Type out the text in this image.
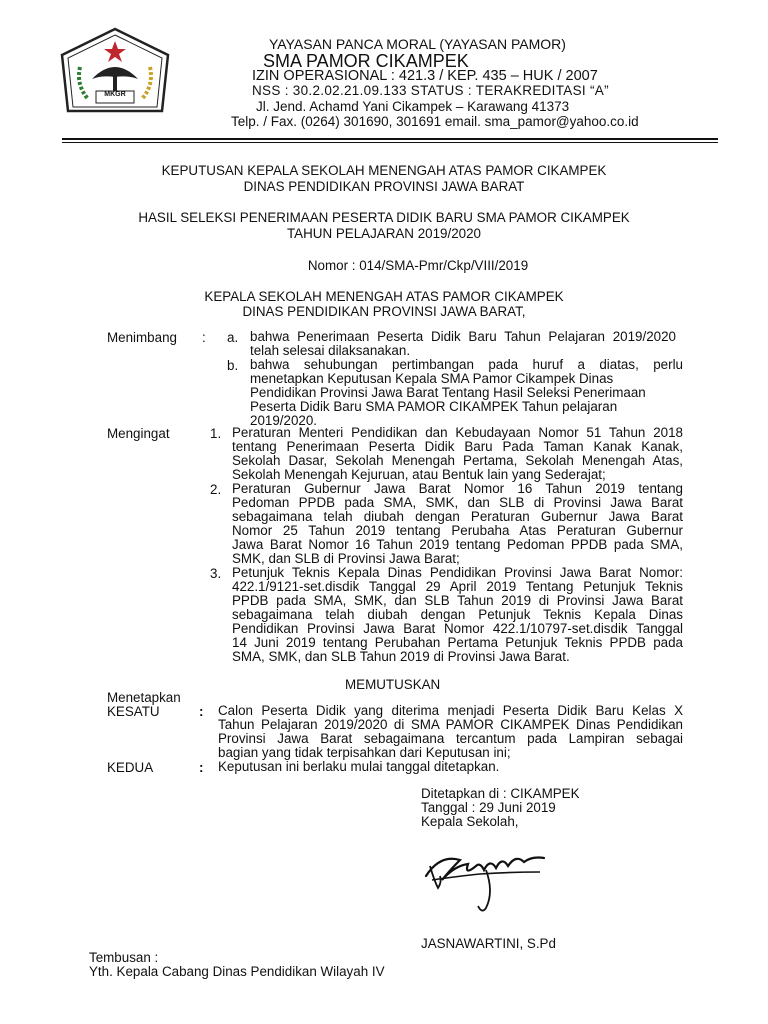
MKGR
YAYASAN PANCA MORAL (YAYASAN PAMOR)
SMA PAMOR CIKAMPEK
IZIN OPERASIONAL : 421.3 / KEP. 435 – HUK / 2007
NSS : 30.2.02.21.09.133 STATUS : TERAKREDITASI “A”
Jl. Jend. Achamd Yani Cikampek – Karawang 41373
Telp. / Fax. (0264) 301690, 301691 email. sma_pamor@yahoo.co.id
KEPUTUSAN KEPALA SEKOLAH MENENGAH ATAS PAMOR CIKAMPEK
DINAS PENDIDIKAN PROVINSI JAWA BARAT
HASIL SELEKSI PENERIMAAN PESERTA DIDIK BARU SMA PAMOR CIKAMPEK
TAHUN PELAJARAN 2019/2020
Nomor : 014/SMA-Pmr/Ckp/VIII/2019
KEPALA SEKOLAH MENENGAH ATAS PAMOR CIKAMPEK
DINAS PENDIDIKAN PROVINSI JAWA BARAT,
Menimbang : a. bahwa Penerimaan Peserta Didik Baru Tahun Pelajaran 2019/2020
telah selesai dilaksanakan.
b. bahwa sehubungan pertimbangan pada huruf a diatas, perlu
menetapkan Keputusan Kepala SMA Pamor Cikampek Dinas
Pendidikan Provinsi Jawa Barat Tentang Hasil Seleksi Penerimaan
Peserta Didik Baru SMA PAMOR CIKAMPEK Tahun pelajaran
2019/2020.
Mengingat	1. Peraturan Menteri Pendidikan dan Kebudayaan Nomor 51 Tahun 2018
tentang Penerimaan Peserta Didik Baru Pada Taman Kanak Kanak,
Sekolah Dasar, Sekolah Menengah Pertama, Sekolah Menengah Atas,
Sekolah Menengah Kejuruan, atau Bentuk lain yang Sederajat;
2. Peraturan Gubernur Jawa Barat Nomor 16 Tahun 2019 tentang
Pedoman PPDB pada SMA, SMK, dan SLB di Provinsi Jawa Barat
sebagaimana telah diubah dengan Peraturan Gubernur Jawa Barat
Nomor 25 Tahun 2019 tentang Perubaha Atas Peraturan Gubernur
Jawa Barat Nomor 16 Tahun 2019 tentang Pedoman PPDB pada SMA,
SMK, dan SLB di Provinsi Jawa Barat;
3. Petunjuk Teknis Kepala Dinas Pendidikan Provinsi Jawa Barat Nomor:
422.1/9121-set.disdik Tanggal 29 April 2019 Tentang Petunjuk Teknis
PPDB pada SMA, SMK, dan SLB Tahun 2019 di Provinsi Jawa Barat
sebagaimana telah diubah dengan Petunjuk Teknis Kepala Dinas
Pendidikan Provinsi Jawa Barat Nomor 422.1/10797-set.disdik Tanggal
14 Juni 2019 tentang Perubahan Pertama Petunjuk Teknis PPDB pada
SMA, SMK, dan SLB Tahun 2019 di Provinsi Jawa Barat.
MEMUTUSKAN
Menetapkan
KESATU	: Calon Peserta Didik yang diterima menjadi Peserta Didik Baru Kelas X
Tahun Pelajaran 2019/2020 di SMA PAMOR CIKAMPEK Dinas Pendidikan
Provinsi Jawa Barat sebagaimana tercantum pada Lampiran sebagai
bagian yang tidak terpisahkan dari Keputusan ini;
KEDUA	: Keputusan ini berlaku mulai tanggal ditetapkan.
Ditetapkan di : CIKAMPEK
Tanggal : 29 Juni 2019
Kepala Sekolah,
JASNAWARTINI, S.Pd
Tembusan :
Yth. Kepala Cabang Dinas Pendidikan Wilayah IV
